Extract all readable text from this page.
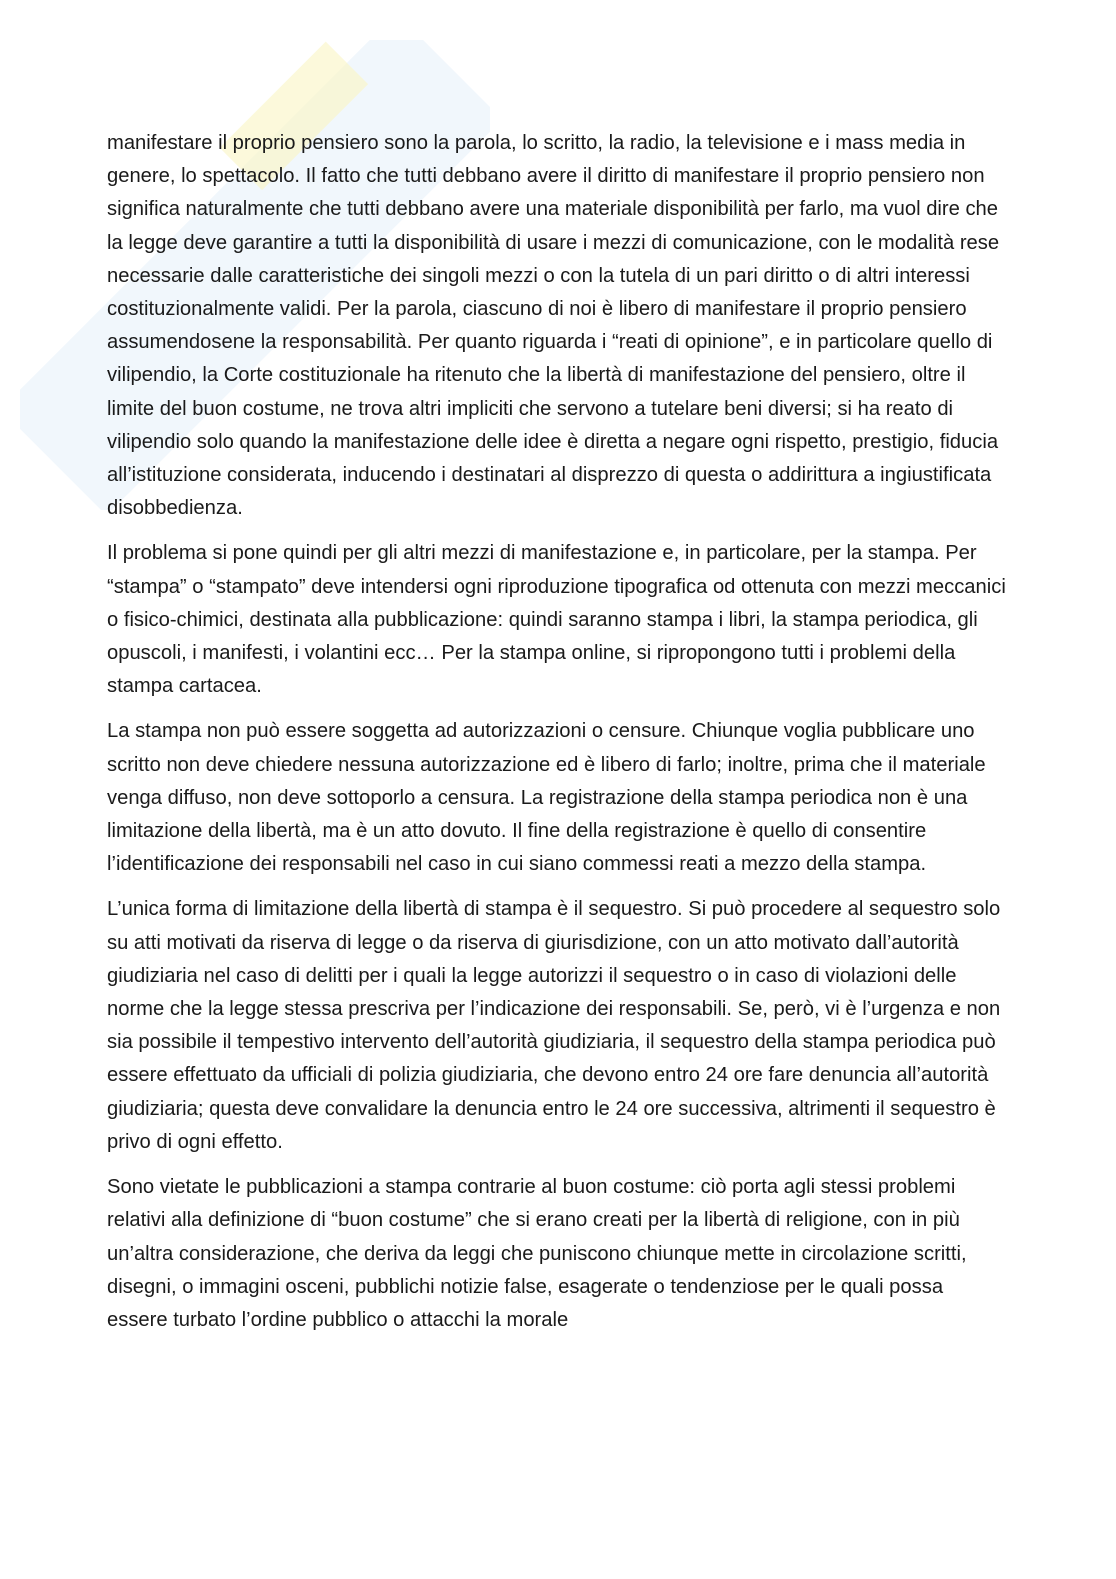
manifestare il proprio pensiero sono la parola, lo scritto, la radio, la televisione e i mass media in genere, lo spettacolo. Il fatto che tutti debbano avere il diritto di manifestare il proprio pensiero non significa naturalmente che tutti debbano avere una materiale disponibilità per farlo, ma vuol dire che la legge deve garantire a tutti la disponibilità di usare i mezzi di comunicazione, con le modalità rese necessarie dalle caratteristiche dei singoli mezzi o con la tutela di un pari diritto o di altri interessi costituzionalmente validi. Per la parola, ciascuno di noi è libero di manifestare il proprio pensiero assumendosene la responsabilità. Per quanto riguarda i “reati di opinione”, e in particolare quello di vilipendio, la Corte costituzionale ha ritenuto che la libertà di manifestazione del pensiero, oltre il limite del buon costume, ne trova altri impliciti che servono a tutelare beni diversi; si ha reato di vilipendio solo quando la manifestazione delle idee è diretta a negare ogni rispetto, prestigio, fiducia all’istituzione considerata, inducendo i destinatari al disprezzo di questa o addirittura a ingiustificata disobbedienza.

Il problema si pone quindi per gli altri mezzi di manifestazione e, in particolare, per la stampa. Per “stampa” o “stampato” deve intendersi ogni riproduzione tipografica od ottenuta con mezzi meccanici o fisico-chimici, destinata alla pubblicazione: quindi saranno stampa i libri, la stampa periodica, gli opuscoli, i manifesti, i volantini ecc… Per la stampa online, si ripropongono tutti i problemi della stampa cartacea.

La stampa non può essere soggetta ad autorizzazioni o censure. Chiunque voglia pubblicare uno scritto non deve chiedere nessuna autorizzazione ed è libero di farlo; inoltre, prima che il materiale venga diffuso, non deve sottoporlo a censura. La registrazione della stampa periodica non è una limitazione della libertà, ma è un atto dovuto. Il fine della registrazione è quello di consentire l’identificazione dei responsabili nel caso in cui siano commessi reati a mezzo della stampa.

L’unica forma di limitazione della libertà di stampa è il sequestro. Si può procedere al sequestro solo su atti motivati da riserva di legge o da riserva di giurisdizione, con un atto motivato dall’autorità giudiziaria nel caso di delitti per i quali la legge autorizzi il sequestro o in caso di violazioni delle norme che la legge stessa prescriva per l’indicazione dei responsabili. Se, però, vi è l’urgenza e non sia possibile il tempestivo intervento dell’autorità giudiziaria, il sequestro della stampa periodica può essere effettuato da ufficiali di polizia giudiziaria, che devono entro 24 ore fare denuncia all’autorità giudiziaria; questa deve convalidare la denuncia entro le 24 ore successiva, altrimenti il sequestro è privo di ogni effetto.

Sono vietate le pubblicazioni a stampa contrarie al buon costume: ciò porta agli stessi problemi relativi alla definizione di “buon costume” che si erano creati per la libertà di religione, con in più un’altra considerazione, che deriva da leggi che puniscono chiunque mette in circolazione scritti, disegni, o immagini osceni, pubblichi notizie false, esagerate o tendenziose per le quali possa essere turbato l’ordine pubblico o attacchi la morale
